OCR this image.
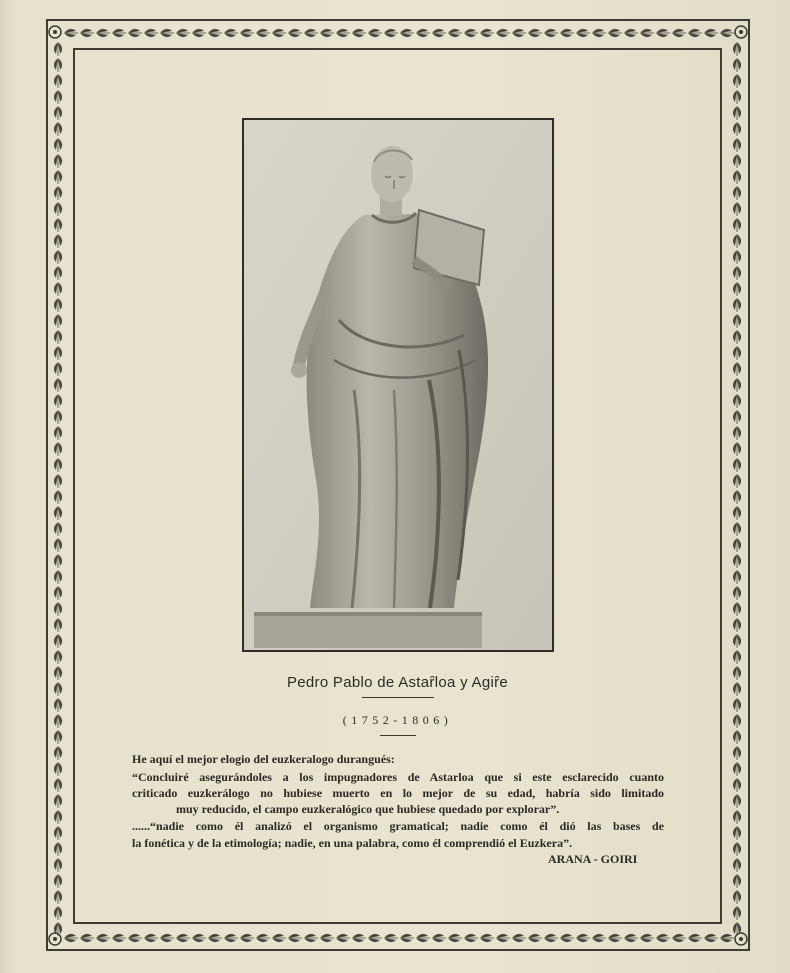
Pedro Pablo de Astaȓloa y Agiȓe
(1752-1806)
He aquí el mejor elogio del euzkeralogo durangués:
“Concluiré asegurándoles a los impugnadores de Astarloa que si este esclarecido cuanto
criticado euzkerálogo no hubiese muerto en lo mejor de su edad, habría sido limitado
muy reducido, el campo euzkeralógico que hubiese quedado por explorar”.
......“nadie como él analizó el organismo gramatical; nadie como él dió las bases de
la fonética y de la etimología; nadie, en una palabra, como él comprendió el Euzkera”.
ARANA - GOIRI
